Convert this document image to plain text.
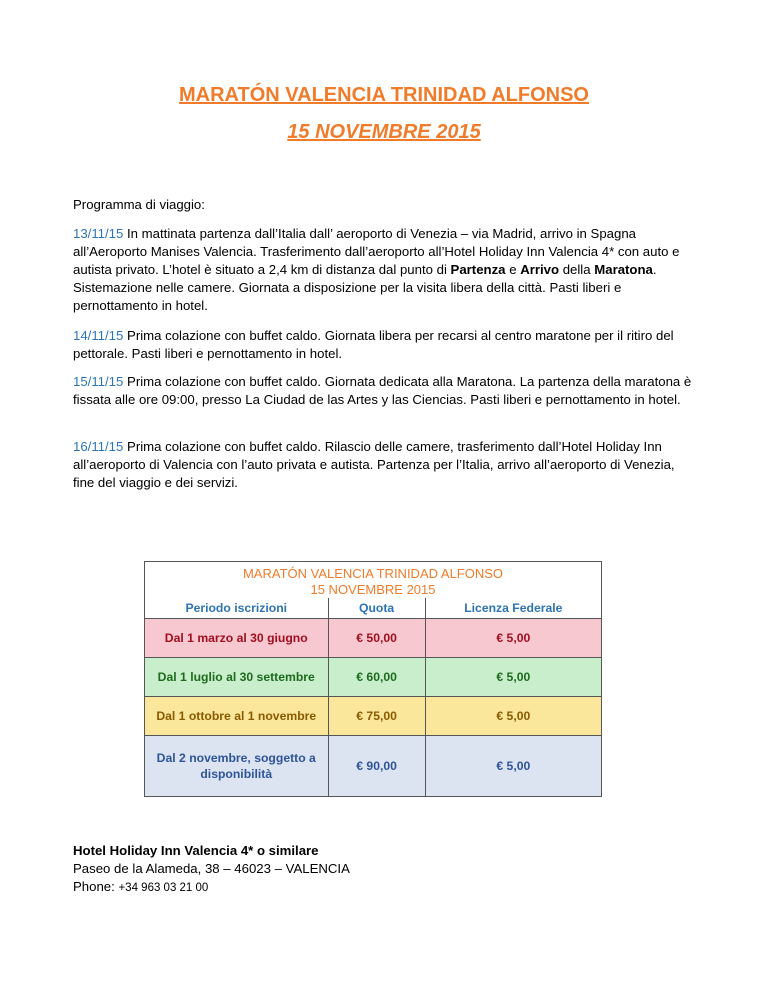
MARATÓN VALENCIA TRINIDAD ALFONSO
15 NOVEMBRE 2015
Programma di viaggio:
13/11/15 In mattinata partenza dall’Italia dall’ aeroporto di Venezia – via Madrid, arrivo in Spagna all’Aeroporto Manises Valencia. Trasferimento dall’aeroporto all’Hotel Holiday Inn Valencia 4* con auto e autista privato. L’hotel è situato a 2,4 km di distanza dal punto di Partenza e Arrivo della Maratona. Sistemazione nelle camere. Giornata a disposizione per la visita libera della città. Pasti liberi e pernottamento in hotel.
14/11/15 Prima colazione con buffet caldo. Giornata libera per recarsi al centro maratone per il ritiro del pettorale. Pasti liberi e pernottamento in hotel.
15/11/15 Prima colazione con buffet caldo. Giornata dedicata alla Maratona. La partenza della maratona è fissata alle ore 09:00, presso La Ciudad de las Artes y las Ciencias. Pasti liberi e pernottamento in hotel.
16/11/15 Prima colazione con buffet caldo. Rilascio delle camere, trasferimento dall’Hotel Holiday Inn all’aeroporto di Valencia con l’auto privata e autista. Partenza per l’Italia, arrivo all’aeroporto di Venezia, fine del viaggio e dei servizi.
MARATÓN VALENCIA TRINIDAD ALFONSO
15 NOVEMBRE 2015		

Periodo iscrizioni	Quota	Licenza Federale
Dal 1 marzo al 30 giugno	€ 50,00	€ 5,00
Dal 1 luglio al 30 settembre	€ 60,00	€ 5,00
Dal 1 ottobre al 1 novembre	€ 75,00	€ 5,00

Dal 2 novembre, soggetto a
disponibilità	€ 90,00	€ 5,00
Hotel Holiday Inn Valencia 4* o similare
Paseo de la Alameda, 38 – 46023 – VALENCIA
Phone: +34 963 03 21 00
